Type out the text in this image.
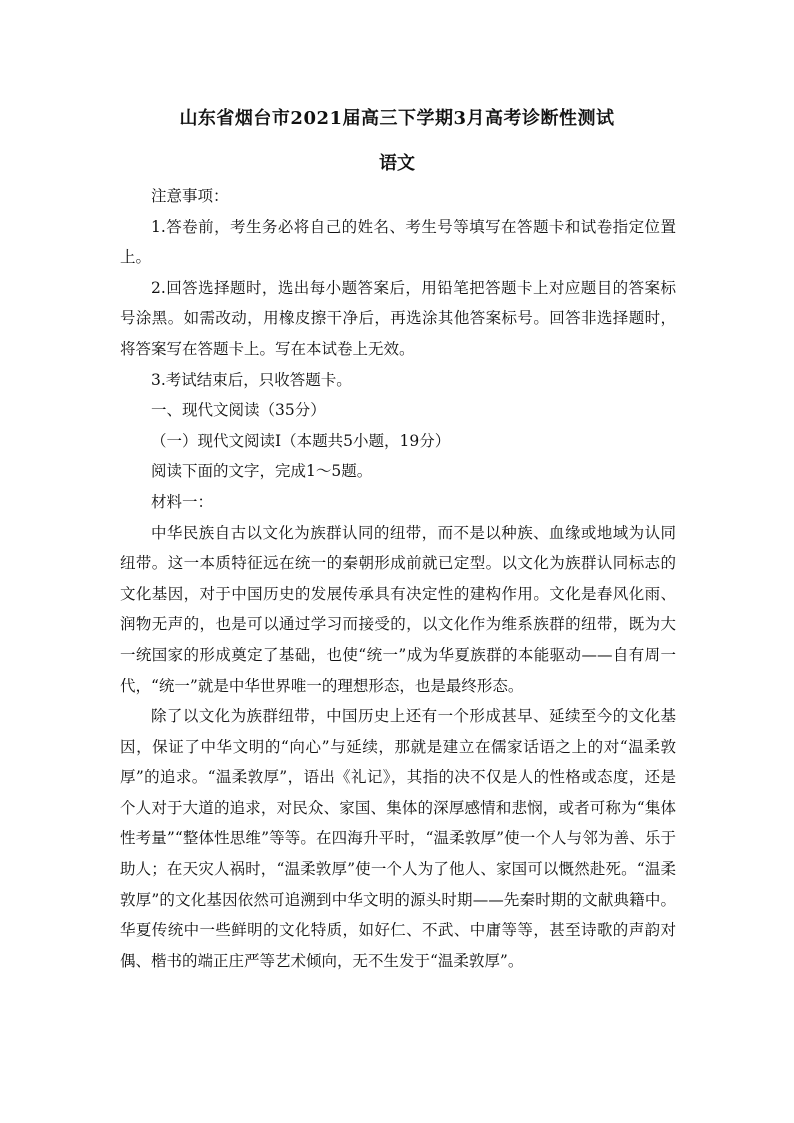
山东省烟台市2021届高三下学期3月高考诊断性测试
语文

注意事项：

1.答卷前，考生务必将自己的姓名、考生号等填写在答题卡和试卷指定位置上。

2.回答选择题时，选出每小题答案后，用铅笔把答题卡上对应题目的答案标号涂黑。如需改动，用橡皮擦干净后，再选涂其他答案标号。回答非选择题时，将答案写在答题卡上。写在本试卷上无效。

3.考试结束后，只收答题卡。

一、现代文阅读（35分）

（一）现代文阅读Ⅰ（本题共5小题，19分）

阅读下面的文字，完成1～5题。

材料一：

中华民族自古以文化为族群认同的纽带，而不是以种族、血缘或地域为认同纽带。这一本质特征远在统一的秦朝形成前就已定型。以文化为族群认同标志的文化基因，对于中国历史的发展传承具有决定性的建构作用。文化是春风化雨、润物无声的，也是可以通过学习而接受的，以文化作为维系族群的纽带，既为大一统国家的形成奠定了基础，也使“统一”成为华夏族群的本能驱动——自有周一代，“统一”就是中华世界唯一的理想形态，也是最终形态。

除了以文化为族群纽带，中国历史上还有一个形成甚早、延续至今的文化基因，保证了中华文明的“向心”与延续，那就是建立在儒家话语之上的对“温柔敦厚”的追求。“温柔敦厚”，语出《礼记》，其指的决不仅是人的性格或态度，还是个人对于大道的追求，对民众、家国、集体的深厚感情和悲悯，或者可称为“集体性考量”“整体性思维”等等。在四海升平时，“温柔敦厚”使一个人与邻为善、乐于助人；在天灾人祸时，“温柔敦厚”使一个人为了他人、家国可以慨然赴死。“温柔敦厚”的文化基因依然可追溯到中华文明的源头时期——先秦时期的文献典籍中。华夏传统中一些鲜明的文化特质，如好仁、不武、中庸等等，甚至诗歌的声韵对偶、楷书的端正庄严等艺术倾向，无不生发于“温柔敦厚”。
